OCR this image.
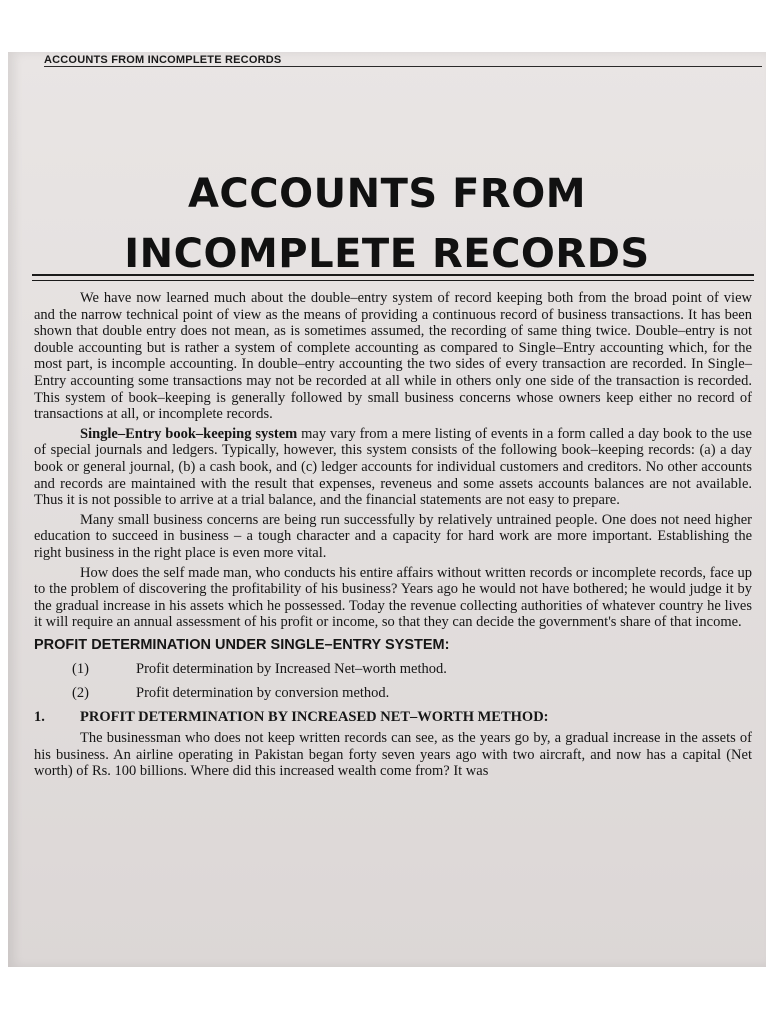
ACCOUNTS FROM INCOMPLETE RECORDS

ACCOUNTS FROM

INCOMPLETE RECORDS

We have now learned much about the double–entry system of record keeping both from the broad point of view and the narrow technical point of view as the means of providing a continuous record of business transactions. It has been shown that double entry does not mean, as is sometimes assumed, the recording of same thing twice. Double–entry is not double accounting but is rather a system of complete accounting as compared to Single–Entry accounting which, for the most part, is incomple accounting. In double–entry accounting the two sides of every transaction are recorded. In Single–Entry accounting some transactions may not be recorded at all while in others only one side of the transaction is recorded. This system of book–keeping is generally followed by small business concerns whose owners keep either no record of transactions at all, or incomplete records.

Single–Entry book–keeping system may vary from a mere listing of events in a form called a day book to the use of special journals and ledgers. Typically, however, this system consists of the following book–keeping records: (a) a day book or general journal, (b) a cash book, and (c) ledger accounts for individual customers and creditors. No other accounts and records are maintained with the result that expenses, reveneus and some assets accounts balances are not available. Thus it is not possible to arrive at a trial balance, and the financial statements are not easy to prepare.

Many small business concerns are being run successfully by relatively untrained people. One does not need higher education to succeed in business – a tough character and a capacity for hard work are more important. Establishing the right business in the right place is even more vital.

How does the self made man, who conducts his entire affairs without written records or incomplete records, face up to the problem of discovering the profitability of his business? Years ago he would not have bothered; he would judge it by the gradual increase in his assets which he possessed. Today the revenue collecting authorities of whatever country he lives it will require an annual assessment of his profit or income, so that they can decide the government's share of that income.

PROFIT DETERMINATION UNDER SINGLE–ENTRY SYSTEM:
(1)	Profit determination by Increased Net–worth method.
(2)	Profit determination by conversion method.
1.	PROFIT DETERMINATION BY INCREASED NET–WORTH METHOD:

The businessman who does not keep written records can see, as the years go by, a gradual increase in the assets of his business. An airline operating in Pakistan began forty seven years ago with two aircraft, and now has a capital (Net worth) of Rs. 100 billions. Where did this increased wealth come from? It was
